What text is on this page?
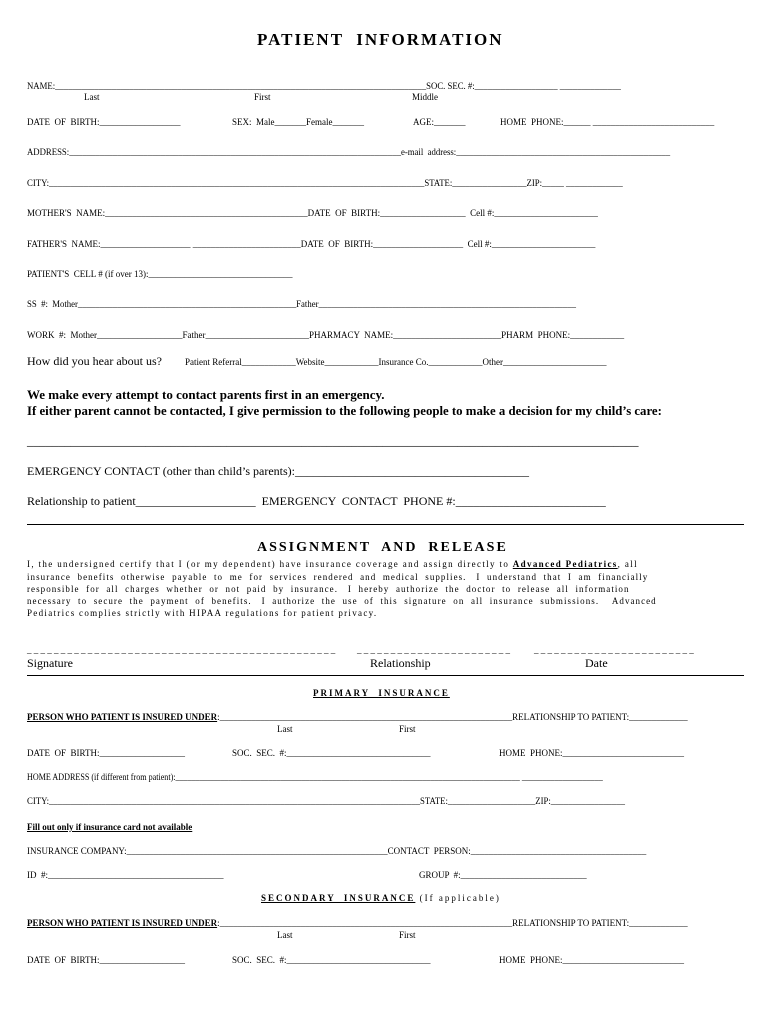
PATIENT  INFORMATION
NAME:_____________________________________________________________________________________SOC. SEC. #:___________________ ______________
Last	First	Middle
DATE  OF  BIRTH:__________________	SEX:  Male_______Female_______	AGE:_______	HOME  PHONE:______ ___________________________
ADDRESS:____________________________________________________________________________e-mail  address:_________________________________________________
CITY:______________________________________________________________________________________STATE:_________________ZIP:_____ _____________
MOTHER'S  NAME:_____________________________________________DATE  OF  BIRTH:___________________  Cell #:_______________________
FATHER'S  NAME:____________________ ________________________DATE  OF  BIRTH:____________________  Cell #:_______________________
PATIENT'S  CELL # (if over 13):________________________________
SS  #:  Mother__________________________________________________Father___________________________________________________________
WORK  #:  Mother___________________Father_______________________PHARMACY  NAME:________________________PHARM  PHONE:____________
How did you hear about us?	Patient Referral____________Website____________Insurance Co.____________Other_______________________
We make every attempt to contact parents first in an emergency.
If either parent cannot be contacted, I give permission to the following people to make a decision for my child’s care:
__________________________________________________________________________________________________
EMERGENCY CONTACT (other than child’s parents):_______________________________________
Relationship to patient____________________  EMERGENCY  CONTACT  PHONE #:_________________________
ASSIGNMENT  AND  RELEASE
I, the undersigned certify that I (or my dependent) have insurance coverage and assign directly to Advanced Pediatrics, all
insurance  benefits  otherwise  payable  to  me  for  services  rendered  and  medical  supplies.   I  understand  that  I  am  financially
responsible  for  all  charges  whether  or  not  paid  by  insurance.   I  hereby  authorize  the  doctor  to  release  all  information
necessary  to  secure  the  payment  of  benefits.   I  authorize  the  use  of  this  signature  on  all  insurance  submissions.    Advanced
Pediatrics complies strictly with HIPAA regulations for patient privacy.
_ _ _ _ _ _ _ _ _ _ _ _ _ _ _ _ _ _ _ _ _ _ _ _ _ _ _ _ _ _ _ _ _ _ _ _ _ _ _ _ _ _ _ _ _ _ _ _ _ _ _ _ _ _ _ _ _ _ _ _ _ _ _ _ _ _ _ _ _	_ _ _ _ _ _ _ _ _ _ _ _ _ _ _ _ _ _ _ _ _ _ _ _
Signature	Relationship	Date
PRIMARY  INSURANCE
PERSON WHO PATIENT IS INSURED UNDER:_________________________________________________________________RELATIONSHIP TO PATIENT:_____________
Last	First
DATE  OF  BIRTH:___________________	SOC.  SEC.  #:________________________________	HOME  PHONE:___________________________
HOME ADDRESS (if different from patient):_____________________________________________________________________________________ ____________________
CITY:_____________________________________________________________________________________STATE:____________________ZIP:_________________
Fill out only if insurance card not available
INSURANCE COMPANY:__________________________________________________________CONTACT  PERSON:_______________________________________
ID  #:_______________________________________	GROUP  #:____________________________
SECONDARY  INSURANCE (If applicable)
PERSON WHO PATIENT IS INSURED UNDER:_________________________________________________________________RELATIONSHIP TO PATIENT:_____________
Last	First
DATE  OF  BIRTH:___________________	SOC.  SEC.  #:________________________________	HOME  PHONE:___________________________
